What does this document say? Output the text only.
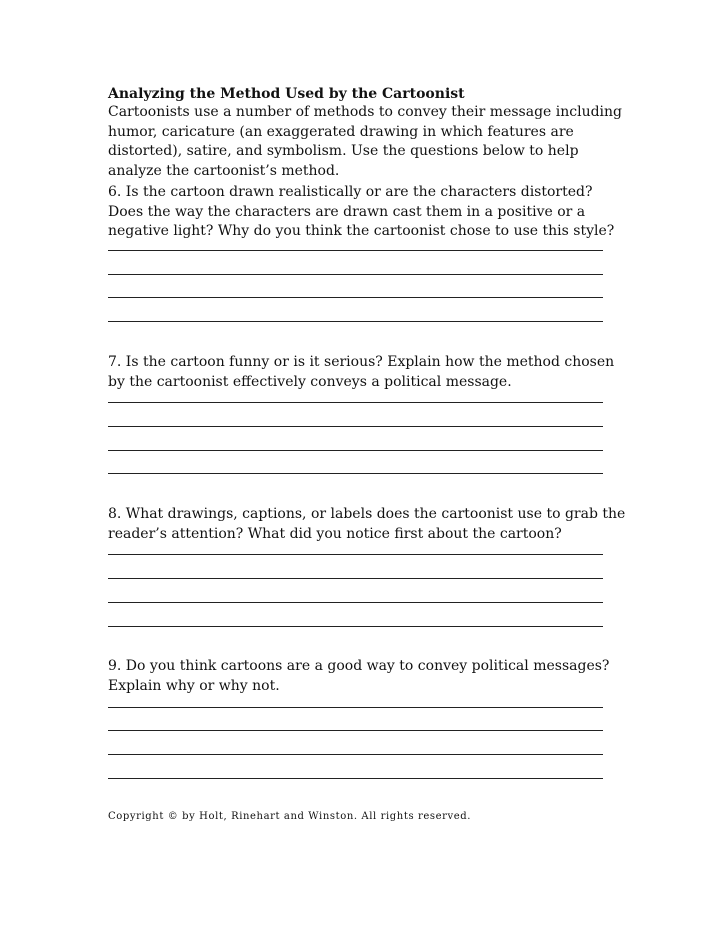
Analyzing the Method Used by the Cartoonist

Cartoonists use a number of methods to convey their message including humor, caricature (an exaggerated drawing in which features are distorted), satire, and symbolism. Use the questions below to help analyze the cartoonist’s method.

6. Is the cartoon drawn realistically or are the characters distorted? Does the way the characters are drawn cast them in a positive or a negative light? Why do you think the cartoonist chose to use this style?

7. Is the cartoon funny or is it serious? Explain how the method chosen by the cartoonist effectively conveys a political message.

8. What drawings, captions, or labels does the cartoonist use to grab the reader’s attention? What did you notice first about the cartoon?

9. Do you think cartoons are a good way to convey political messages? Explain why or why not.

Copyright © by Holt, Rinehart and Winston. All rights reserved.
